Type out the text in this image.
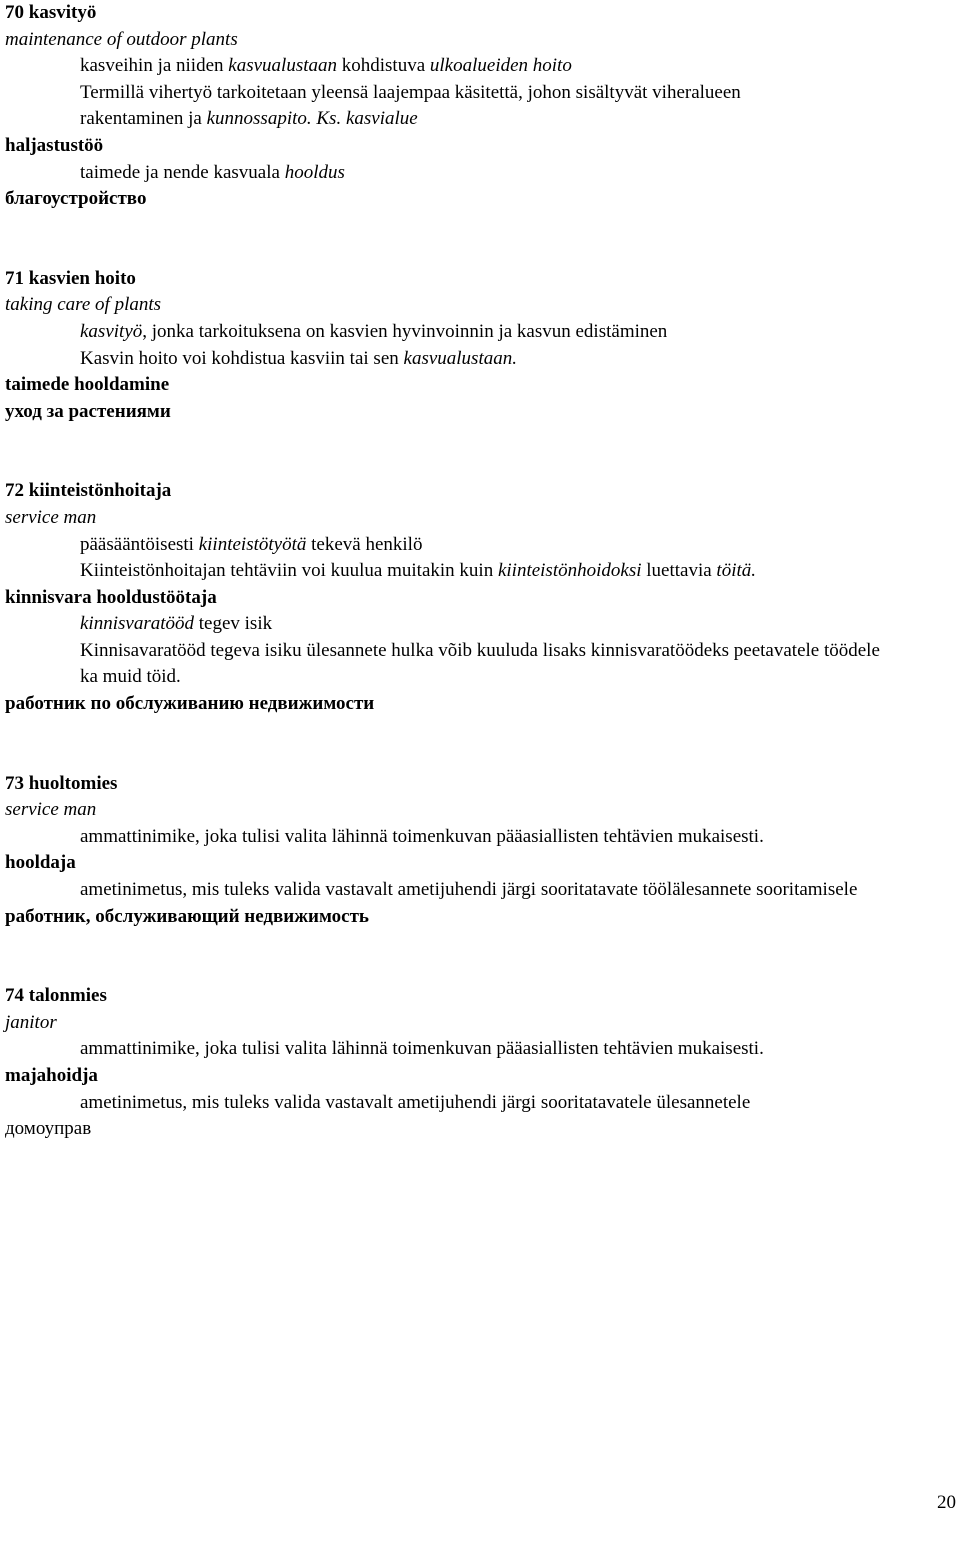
70 kasvityö
maintenance of outdoor plants
kasveihin ja niiden kasvualustaan kohdistuva ulkoalueiden hoito
Termillä vihertyö tarkoitetaan yleensä laajempaa käsitettä, johon sisältyvät viheralueen
rakentaminen ja kunnossapito. Ks. kasvialue
haljastustöö
taimede ja nende kasvuala hooldus
благоустройство
71 kasvien hoito
taking care of plants
kasvityö, jonka tarkoituksena on kasvien hyvinvoinnin ja kasvun edistäminen
Kasvin hoito voi kohdistua kasviin tai sen kasvualustaan.
taimede hooldamine
уход за растениями
72 kiinteistönhoitaja
service man
pääsääntöisesti kiinteistötyötä tekevä henkilö
Kiinteistönhoitajan tehtäviin voi kuulua muitakin kuin kiinteistönhoidoksi luettavia töitä.
kinnisvara hooldustöötaja
kinnisvaratööd tegev isik
Kinnisavaratööd tegeva isiku ülesannete hulka võib kuuluda lisaks kinnisvaratöödeks peetavatele töödele ka muid töid.
работник по обслуживанию недвижимости
73 huoltomies
service man
ammattinimike, joka tulisi valita lähinnä toimenkuvan pääasiallisten tehtävien mukaisesti.
hooldaja
ametinimetus, mis tuleks valida vastavalt ametijuhendi järgi sooritatavate töölälesannete sooritamisele
работник, обслуживающий недвижимость
74 talonmies
janitor
ammattinimike, joka tulisi valita lähinnä toimenkuvan pääasiallisten tehtävien mukaisesti.
majahoidja
ametinimetus, mis tuleks valida vastavalt ametijuhendi järgi sooritatavatele ülesannetele
домоуправ
20
